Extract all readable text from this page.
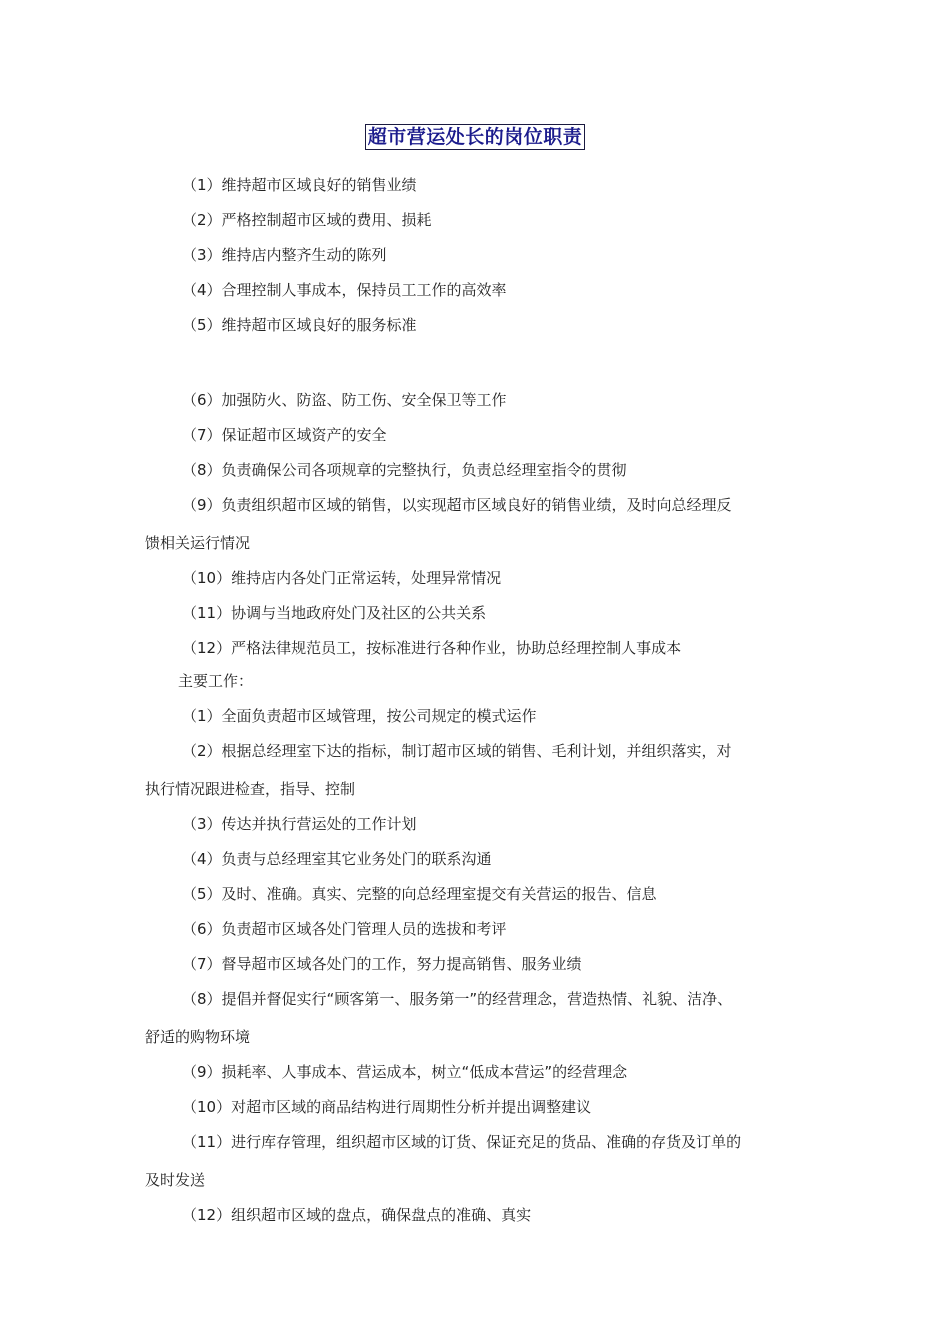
超市营运处长的岗位职责
（1）维持超市区域良好的销售业绩
（2）严格控制超市区域的费用、损耗
（3）维持店内整齐生动的陈列
（4）合理控制人事成本，保持员工工作的高效率
（5）维持超市区域良好的服务标准
（6）加强防火、防盗、防工伤、安全保卫等工作
（7）保证超市区域资产的安全
（8）负责确保公司各项规章的完整执行，负责总经理室指令的贯彻
（9）负责组织超市区域的销售，以实现超市区域良好的销售业绩，及时向总经理反
馈相关运行情况
（10）维持店内各处门正常运转，处理异常情况
（11）协调与当地政府处门及社区的公共关系
（12）严格法律规范员工，按标准进行各种作业，协助总经理控制人事成本
主要工作：
（1）全面负责超市区域管理，按公司规定的模式运作
（2）根据总经理室下达的指标，制订超市区域的销售、毛利计划，并组织落实，对
执行情况跟进检查，指导、控制
（3）传达并执行营运处的工作计划
（4）负责与总经理室其它业务处门的联系沟通
（5）及时、准确。真实、完整的向总经理室提交有关营运的报告、信息
（6）负责超市区域各处门管理人员的选拔和考评
（7）督导超市区域各处门的工作，努力提高销售、服务业绩
（8）提倡并督促实行“顾客第一、服务第一”的经营理念，营造热情、礼貌、洁净、
舒适的购物环境
（9）损耗率、人事成本、营运成本，树立“低成本营运”的经营理念
（10）对超市区域的商品结构进行周期性分析并提出调整建议
（11）进行库存管理，组织超市区域的订货、保证充足的货品、准确的存货及订单的
及时发送
（12）组织超市区域的盘点，确保盘点的准确、真实
